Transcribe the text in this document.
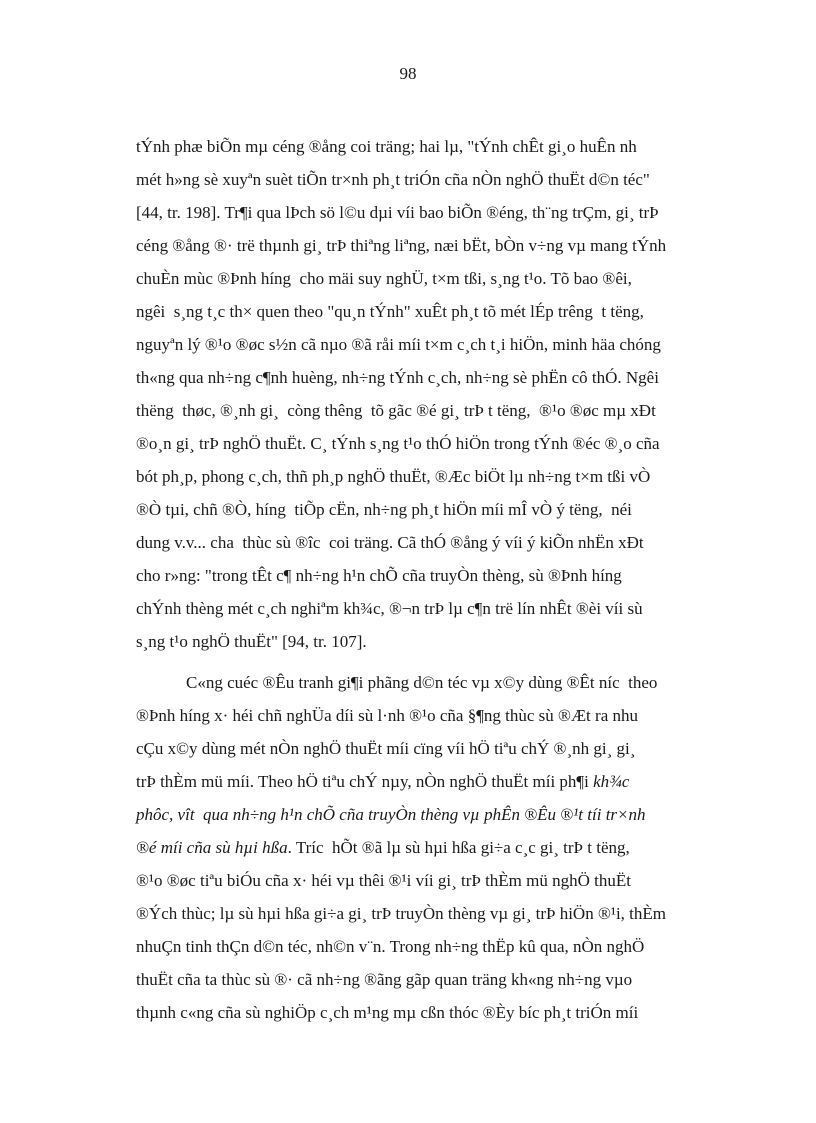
98
tÝnh phæ biÕn mµ céng ®ång coi träng; hai lµ, "tÝnh chÊt gi¸o huÊn nh
mét h»ng sè xuyªn suèt tiÕn tr×nh ph¸t triÓn cña nÒn nghÖ thuËt d©n téc"
[44, tr. 198]. Tr¶i qua lÞch sö l©u dµi víi bao biÕn ®éng, th¨ng trÇm, gi¸ trÞ
céng ®ång ®· trë thµnh gi¸ trÞ thiªng liªng, næi bËt, bÒn v÷ng vµ mang tÝnh
chuÈn mùc ®Þnh híng  cho mäi suy nghÜ, t×m tßi, s¸ng t¹o. Tõ bao ®êi,
ngêi  s¸ng t¸c th× quen theo "qu¸n tÝnh" xuÊt ph¸t tõ mét lÉp trêng  t tëng,
nguyªn lý ®¹o ®øc s½n cã nµo ®ã råi míi t×m c¸ch t¸i hiÖn, minh häa chóng
th«ng qua nh÷ng c¶nh huèng, nh÷ng tÝnh c¸ch, nh÷ng sè phËn cô thÓ. Ngêi
thëng  thøc, ®¸nh gi¸  còng thêng  tõ gãc ®é gi¸ trÞ t tëng,  ®¹o ®øc mµ xÐt
®o¸n gi¸ trÞ nghÖ thuËt. C¸ tÝnh s¸ng t¹o thÓ hiÖn trong tÝnh ®éc ®¸o cña
bót ph¸p, phong c¸ch, thñ ph¸p nghÖ thuËt, ®Æc biÖt lµ nh÷ng t×m tßi vÒ
®Ò tµi, chñ ®Ò, híng  tiÕp cËn, nh÷ng ph¸t hiÖn míi mÎ vÒ ý tëng,  néi
dung v.v... cha  thùc sù ®îc  coi träng. Cã thÓ ®ång ý víi ý kiÕn nhËn xÐt
cho r»ng: "trong tÊt c¶ nh÷ng h¹n chÕ cña truyÒn thèng, sù ®Þnh híng
chÝnh thèng mét c¸ch nghiªm kh¾c, ®¬n trÞ lµ c¶n trë lín nhÊt ®èi víi sù
s¸ng t¹o nghÖ thuËt" [94, tr. 107].
C«ng cuéc ®Êu tranh gi¶i phãng d©n téc vµ x©y dùng ®Êt níc  theo
®Þnh híng x· héi chñ nghÜa díi sù l·nh ®¹o cña §¶ng thùc sù ®Æt ra nhu
cÇu x©y dùng mét nÒn nghÖ thuËt míi cïng víi hÖ tiªu chÝ ®¸nh gi¸ gi¸
trÞ thÈm mü míi. Theo hÖ tiªu chÝ nµy, nÒn nghÖ thuËt míi ph¶i kh¾c
phôc, vît  qua nh÷ng h¹n chÕ cña truyÒn thèng vµ phÊn ®Êu ®¹t tíi tr×nh
®é míi cña sù hµi hßa. Tríc  hÕt ®ã lµ sù hµi hßa gi÷a c¸c gi¸ trÞ t tëng,
®¹o ®øc tiªu biÓu cña x· héi vµ thêi ®¹i víi gi¸ trÞ thÈm mü nghÖ thuËt
®Ých thùc; lµ sù hµi hßa gi÷a gi¸ trÞ truyÒn thèng vµ gi¸ trÞ hiÖn ®¹i, thÈm
nhuÇn tinh thÇn d©n téc, nh©n v¨n. Trong nh÷ng thËp kû qua, nÒn nghÖ
thuËt cña ta thùc sù ®· cã nh÷ng ®ãng gãp quan träng kh«ng nh÷ng vµo
thµnh c«ng cña sù nghiÖp c¸ch m¹ng mµ cßn thóc ®Èy bíc ph¸t triÓn míi
